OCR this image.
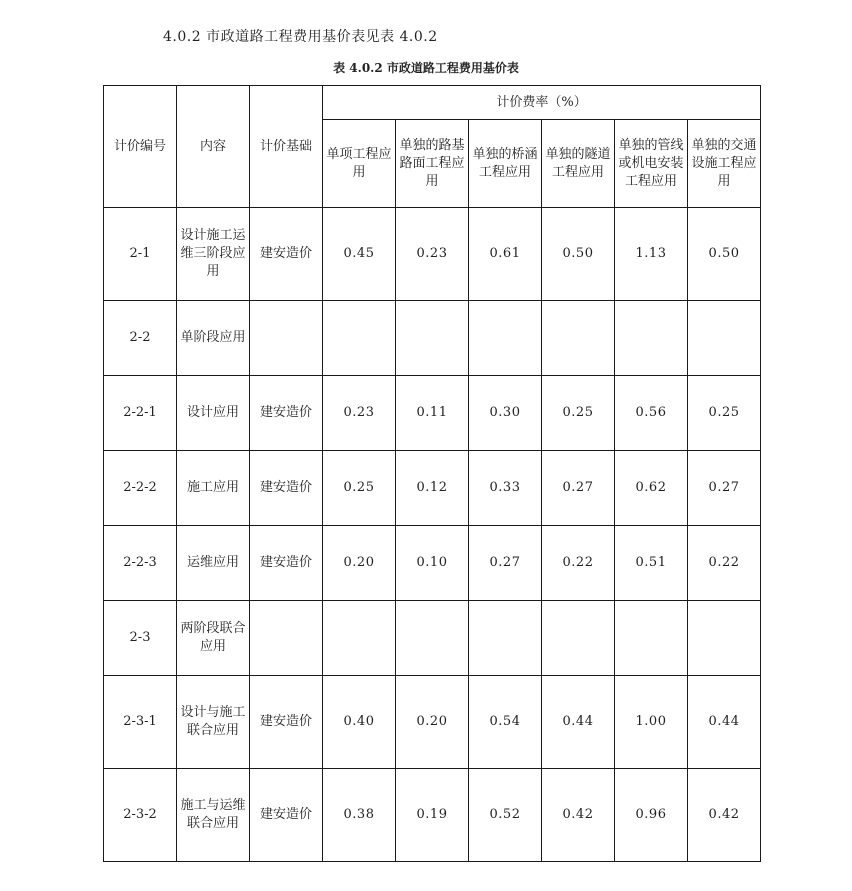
4.0.2 市政道路工程费用基价表见表 4.0.2
表 4.0.2 市政道路工程费用基价表
计价编号	内容	计价基础	计价费率（%）					
			单项工程应用	单独的路基路面工程应用	单独的桥涵工程应用	单独的隧道工程应用	单独的管线或机电安装工程应用	单独的交通设施工程应用
2-1	设计施工运维三阶段应用	建安造价	0.45	0.23	0.61	0.50	1.13	0.50
2-2	单阶段应用							
2-2-1	设计应用	建安造价	0.23	0.11	0.30	0.25	0.56	0.25
2-2-2	施工应用	建安造价	0.25	0.12	0.33	0.27	0.62	0.27
2-2-3	运维应用	建安造价	0.20	0.10	0.27	0.22	0.51	0.22
2-3	两阶段联合应用							
2-3-1	设计与施工联合应用	建安造价	0.40	0.20	0.54	0.44	1.00	0.44
2-3-2	施工与运维联合应用	建安造价	0.38	0.19	0.52	0.42	0.96	0.42
